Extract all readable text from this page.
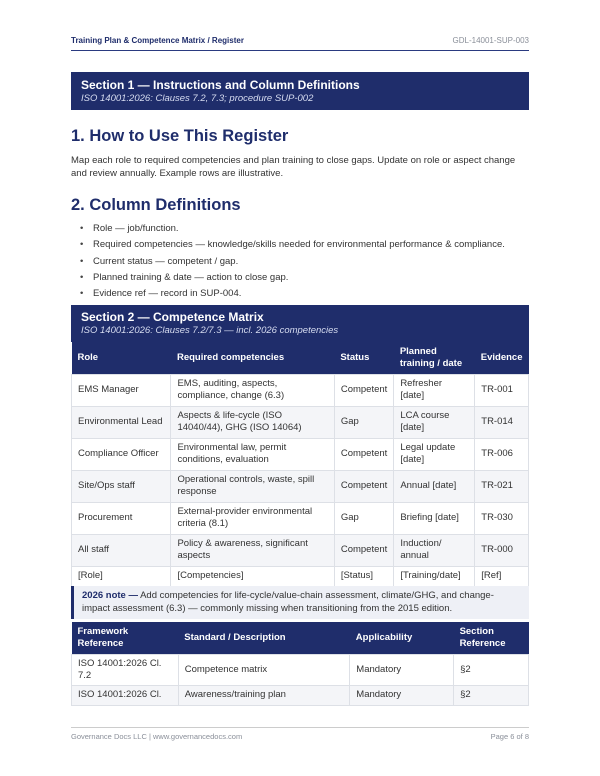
Training Plan & Competence Matrix / Register	GDL-14001-SUP-003
Section 1 — Instructions and Column Definitions
ISO 14001:2026: Clauses 7.2, 7.3; procedure SUP-002
1. How to Use This Register
Map each role to required competencies and plan training to close gaps. Update on role or aspect change and review annually. Example rows are illustrative.
2. Column Definitions
• Role — job/function.
• Required competencies — knowledge/skills needed for environmental performance & compliance.
• Current status — competent / gap.
• Planned training & date — action to close gap.
• Evidence ref — record in SUP-004.
Section 2 — Competence Matrix
ISO 14001:2026: Clauses 7.2/7.3 — incl. 2026 competencies
Role	Required competencies	Status	Planned training / date	Evidence
EMS Manager	EMS, auditing, aspects, compliance, change (6.3)	Competent	Refresher [date]	TR-001
Environmental Lead	Aspects & life-cycle (ISO 14040/44), GHG (ISO 14064)	Gap	LCA course [date]	TR-014
Compliance Officer	Environmental law, permit conditions, evaluation	Competent	Legal update [date]	TR-006
Site/Ops staff	Operational controls, waste, spill response	Competent	Annual [date]	TR-021
Procurement	External-provider environmental criteria (8.1)	Gap	Briefing [date]	TR-030
All staff	Policy & awareness, significant aspects	Competent	Induction/ annual	TR-000
[Role]	[Competencies]	[Status]	[Training/date]	[Ref]
2026 note — Add competencies for life-cycle/value-chain assessment, climate/GHG, and change-impact assessment (6.3) — commonly missing when transitioning from the 2015 edition.
Framework Reference	Standard / Description	Applicability	Section Reference
ISO 14001:2026 Cl. 7.2	Competence matrix	Mandatory	§2
ISO 14001:2026 Cl.	Awareness/training plan	Mandatory	§2
Governance Docs LLC | www.governancedocs.com	Page 6 of 8
